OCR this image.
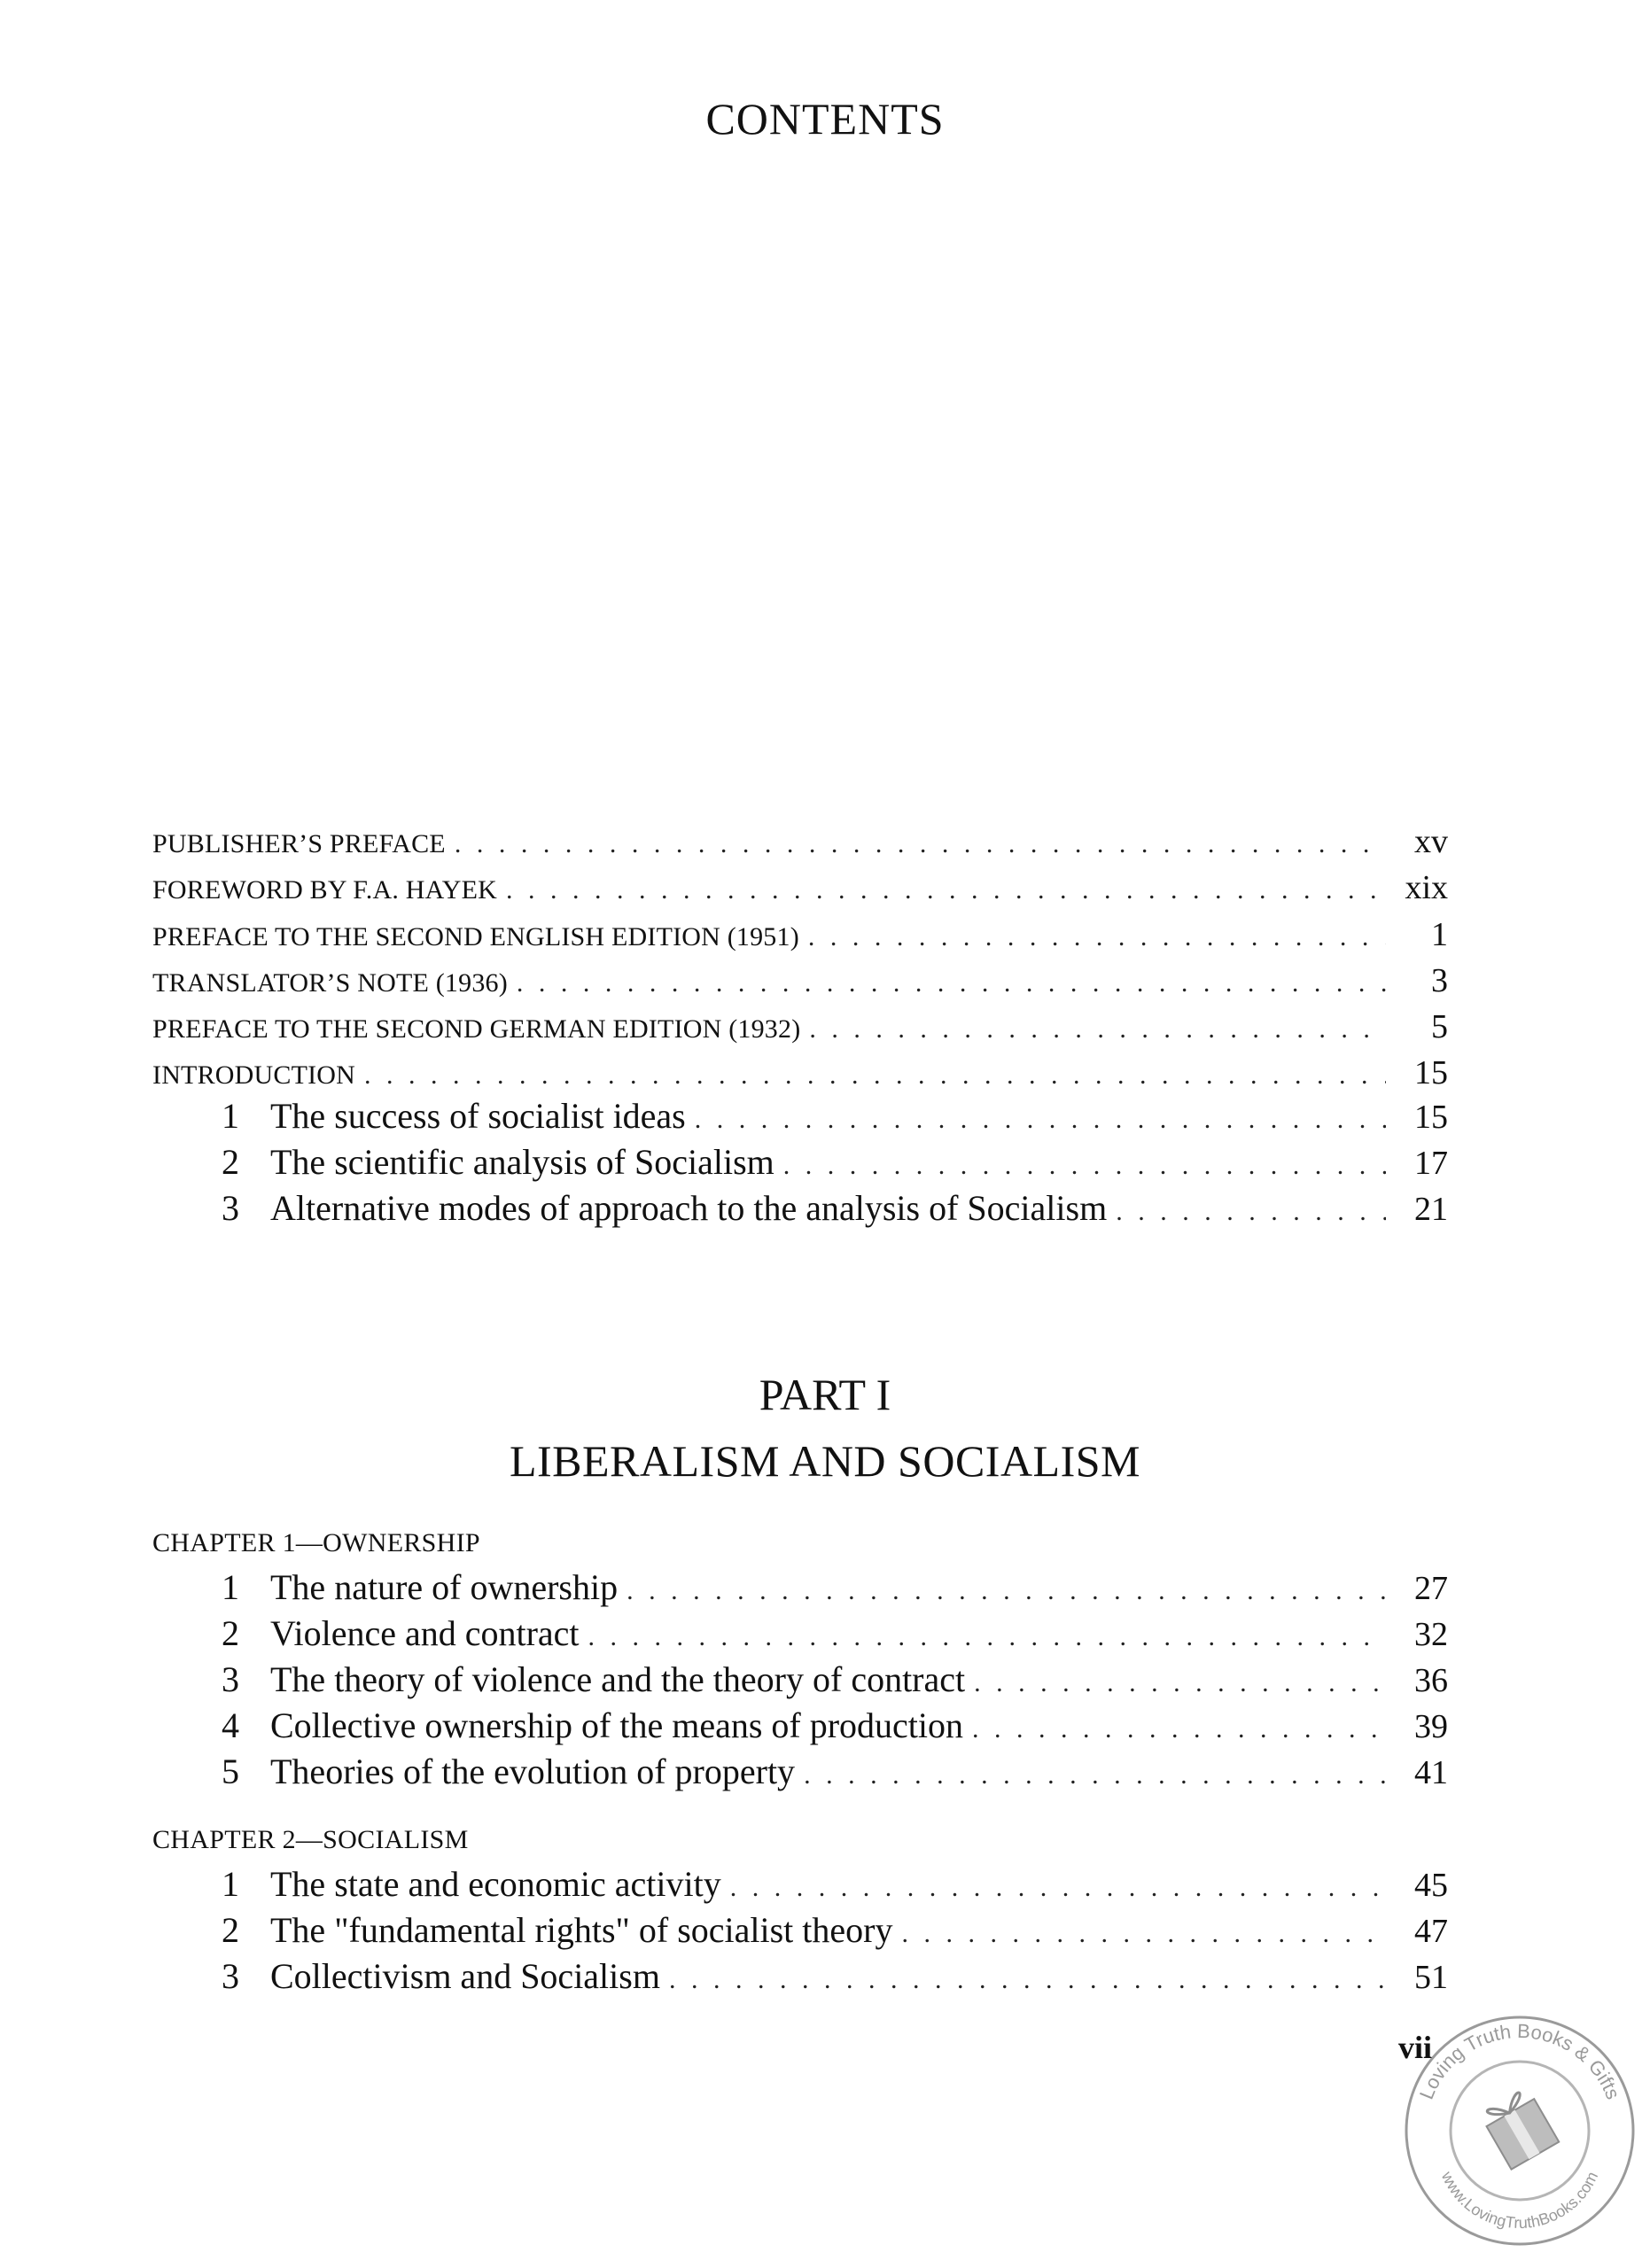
CONTENTS
PUBLISHER’S PREFACE . . .	xv
FOREWORD BY F.A. HAYEK . . .	xix
PREFACE TO THE SECOND ENGLISH EDITION (1951) . . .	1
TRANSLATOR’S NOTE (1936) . . .	3
PREFACE TO THE SECOND GERMAN EDITION (1932) . . .	5
INTRODUCTION . . .	15
1 The success of socialist ideas . . .	15
2 The scientific analysis of Socialism . . .	17
3 Alternative modes of approach to the analysis of Socialism . . .	21
PART I
LIBERALISM AND SOCIALISM
CHAPTER 1—OWNERSHIP
1 The nature of ownership . . .	27
2 Violence and contract . . .	32
3 The theory of violence and the theory of contract . . .	36
4 Collective ownership of the means of production . . .	39
5 Theories of the evolution of property . . .	41
CHAPTER 2—SOCIALISM
1 The state and economic activity . . .	45
2 The "fundamental rights" of socialist theory . . .	47
3 Collectivism and Socialism . . .	51
Loving Truth Books & Gifts
www.LovingTruthBooks.com
vii
